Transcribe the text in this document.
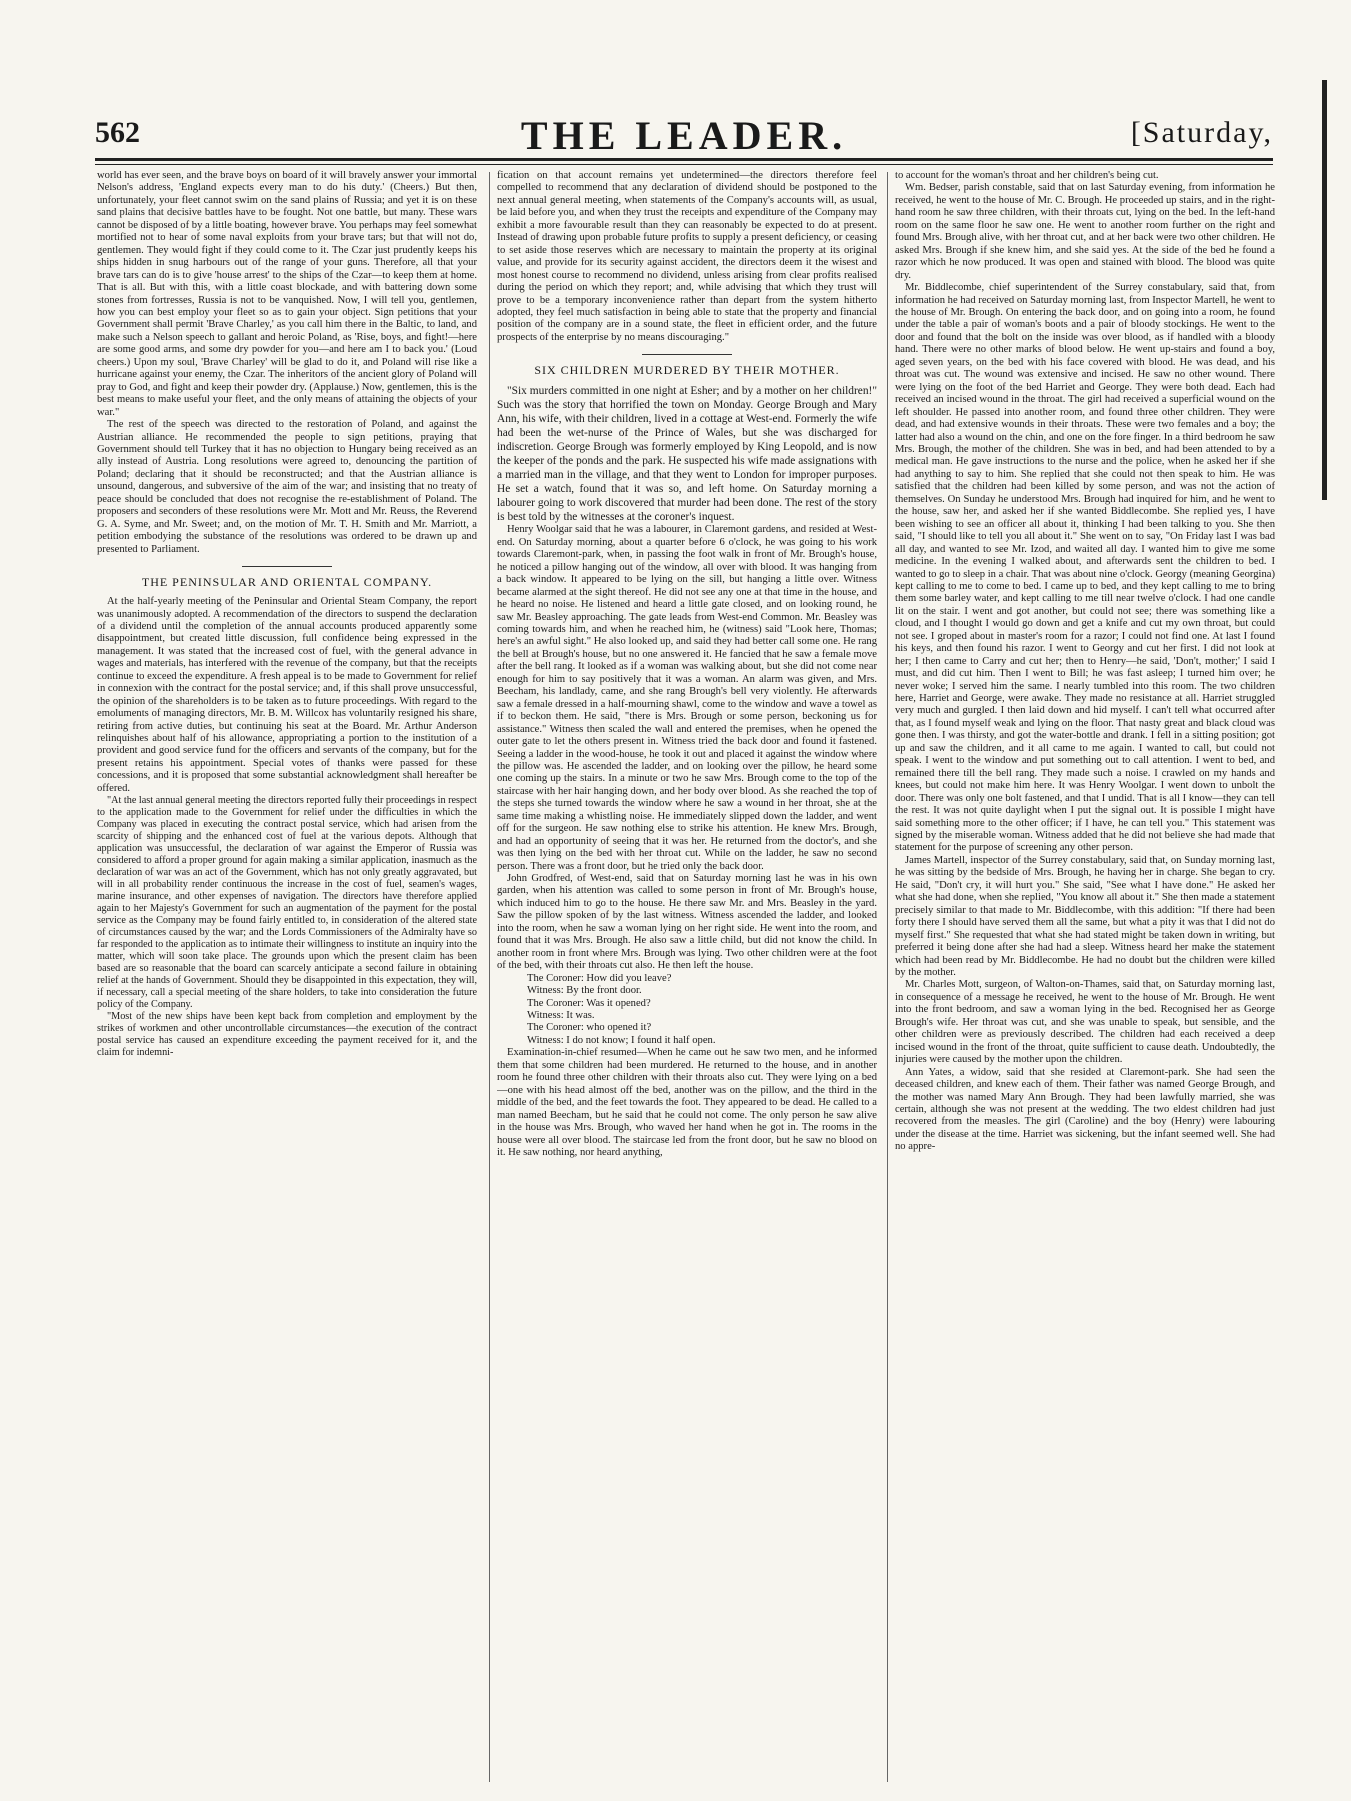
562	THE LEADER.	[Saturday,

world has ever seen, and the brave boys on board of it will bravely answer your immortal Nelson's address, 'England expects every man to do his duty.' (Cheers.) But then, unfortunately, your fleet cannot swim on the sand plains of Russia; and yet it is on these sand plains that decisive battles have to be fought. Not one battle, but many. These wars cannot be disposed of by a little boating, however brave. You perhaps may feel somewhat mortified not to hear of some naval exploits from your brave tars; but that will not do, gentlemen. They would fight if they could come to it. The Czar just prudently keeps his ships hidden in snug harbours out of the range of your guns. Therefore, all that your brave tars can do is to give 'house arrest' to the ships of the Czar—to keep them at home. That is all. But with this, with a little coast blockade, and with battering down some stones from fortresses, Russia is not to be vanquished. Now, I will tell you, gentlemen, how you can best employ your fleet so as to gain your object. Sign petitions that your Government shall permit 'Brave Charley,' as you call him there in the Baltic, to land, and make such a Nelson speech to gallant and heroic Poland, as 'Rise, boys, and fight!—here are some good arms, and some dry powder for you—and here am I to back you.' (Loud cheers.) Upon my soul, 'Brave Charley' will be glad to do it, and Poland will rise like a hurricane against your enemy, the Czar. The inheritors of the ancient glory of Poland will pray to God, and fight and keep their powder dry. (Applause.) Now, gentlemen, this is the best means to make useful your fleet, and the only means of attaining the objects of your war."

The rest of the speech was directed to the restoration of Poland, and against the Austrian alliance. He recommended the people to sign petitions, praying that Government should tell Turkey that it has no objection to Hungary being received as an ally instead of Austria. Long resolutions were agreed to, denouncing the partition of Poland; declaring that it should be reconstructed; and that the Austrian alliance is unsound, dangerous, and subversive of the aim of the war; and insisting that no treaty of peace should be concluded that does not recognise the re-establishment of Poland. The proposers and seconders of these resolutions were Mr. Mott and Mr. Reuss, the Reverend G. A. Syme, and Mr. Sweet; and, on the motion of Mr. T. H. Smith and Mr. Marriott, a petition embodying the substance of the resolutions was ordered to be drawn up and presented to Parliament.

THE PENINSULAR AND ORIENTAL COMPANY.

At the half-yearly meeting of the Peninsular and Oriental Steam Company, the report was unanimously adopted. A recommendation of the directors to suspend the declaration of a dividend until the completion of the annual accounts produced apparently some disappointment, but created little discussion, full confidence being expressed in the management. It was stated that the increased cost of fuel, with the general advance in wages and materials, has interfered with the revenue of the company, but that the receipts continue to exceed the expenditure. A fresh appeal is to be made to Government for relief in connexion with the contract for the postal service; and, if this shall prove unsuccessful, the opinion of the shareholders is to be taken as to future proceedings. With regard to the emoluments of managing directors, Mr. B. M. Willcox has voluntarily resigned his share, retiring from active duties, but continuing his seat at the Board. Mr. Arthur Anderson relinquishes about half of his allowance, appropriating a portion to the institution of a provident and good service fund for the officers and servants of the company, but for the present retains his appointment. Special votes of thanks were passed for these concessions, and it is proposed that some substantial acknowledgment shall hereafter be offered.

"At the last annual general meeting the directors reported fully their proceedings in respect to the application made to the Government for relief under the difficulties in which the Company was placed in executing the contract postal service, which had arisen from the scarcity of shipping and the enhanced cost of fuel at the various depots. Although that application was unsuccessful, the declaration of war against the Emperor of Russia was considered to afford a proper ground for again making a similar application, inasmuch as the declaration of war was an act of the Government, which has not only greatly aggravated, but will in all probability render continuous the increase in the cost of fuel, seamen's wages, marine insurance, and other expenses of navigation. The directors have therefore applied again to her Majesty's Government for such an augmentation of the payment for the postal service as the Company may be found fairly entitled to, in consideration of the altered state of circumstances caused by the war; and the Lords Commissioners of the Admiralty have so far responded to the application as to intimate their willingness to institute an inquiry into the matter, which will soon take place. The grounds upon which the present claim has been based are so reasonable that the board can scarcely anticipate a second failure in obtaining relief at the hands of Government. Should they be disappointed in this expectation, they will, if necessary, call a special meeting of the share holders, to take into consideration the future policy of the Company.

"Most of the new ships have been kept back from completion and employment by the strikes of workmen and other uncontrollable circumstances—the execution of the contract postal service has caused an expenditure exceeding the payment received for it, and the claim for indemni-

fication on that account remains yet undetermined—the directors therefore feel compelled to recommend that any declaration of dividend should be postponed to the next annual general meeting, when statements of the Company's accounts will, as usual, be laid before you, and when they trust the receipts and expenditure of the Company may exhibit a more favourable result than they can reasonably be expected to do at present. Instead of drawing upon probable future profits to supply a present deficiency, or ceasing to set aside those reserves which are necessary to maintain the property at its original value, and provide for its security against accident, the directors deem it the wisest and most honest course to recommend no dividend, unless arising from clear profits realised during the period on which they report; and, while advising that which they trust will prove to be a temporary inconvenience rather than depart from the system hitherto adopted, they feel much satisfaction in being able to state that the property and financial position of the company are in a sound state, the fleet in efficient order, and the future prospects of the enterprise by no means discouraging."

SIX CHILDREN MURDERED BY THEIR MOTHER.

"Six murders committed in one night at Esher; and by a mother on her children!" Such was the story that horrified the town on Monday. George Brough and Mary Ann, his wife, with their children, lived in a cottage at West-end. Formerly the wife had been the wet-nurse of the Prince of Wales, but she was discharged for indiscretion. George Brough was formerly employed by King Leopold, and is now the keeper of the ponds and the park. He suspected his wife made assignations with a married man in the village, and that they went to London for improper purposes. He set a watch, found that it was so, and left home. On Saturday morning a labourer going to work discovered that murder had been done. The rest of the story is best told by the witnesses at the coroner's inquest.

Henry Woolgar said that he was a labourer, in Claremont gardens, and resided at West-end. On Saturday morning, about a quarter before 6 o'clock, he was going to his work towards Claremont-park, when, in passing the foot walk in front of Mr. Brough's house, he noticed a pillow hanging out of the window, all over with blood. It was hanging from a back window. It appeared to be lying on the sill, but hanging a little over. Witness became alarmed at the sight thereof. He did not see any one at that time in the house, and he heard no noise. He listened and heard a little gate closed, and on looking round, he saw Mr. Beasley approaching. The gate leads from West-end Common. Mr. Beasley was coming towards him, and when he reached him, he (witness) said "Look here, Thomas; here's an awful sight." He also looked up, and said they had better call some one. He rang the bell at Brough's house, but no one answered it. He fancied that he saw a female move after the bell rang. It looked as if a woman was walking about, but she did not come near enough for him to say positively that it was a woman. An alarm was given, and Mrs. Beecham, his landlady, came, and she rang Brough's bell very violently. He afterwards saw a female dressed in a half-mourning shawl, come to the window and wave a towel as if to beckon them. He said, "there is Mrs. Brough or some person, beckoning us for assistance." Witness then scaled the wall and entered the premises, when he opened the outer gate to let the others present in. Witness tried the back door and found it fastened. Seeing a ladder in the wood-house, he took it out and placed it against the window where the pillow was. He ascended the ladder, and on looking over the pillow, he heard some one coming up the stairs. In a minute or two he saw Mrs. Brough come to the top of the staircase with her hair hanging down, and her body over blood. As she reached the top of the steps she turned towards the window where he saw a wound in her throat, she at the same time making a whistling noise. He immediately slipped down the ladder, and went off for the surgeon. He saw nothing else to strike his attention. He knew Mrs. Brough, and had an opportunity of seeing that it was her. He returned from the doctor's, and she was then lying on the bed with her throat cut. While on the ladder, he saw no second person. There was a front door, but he tried only the back door.

John Grodfred, of West-end, said that on Saturday morning last he was in his own garden, when his attention was called to some person in front of Mr. Brough's house, which induced him to go to the house. He there saw Mr. and Mrs. Beasley in the yard. Saw the pillow spoken of by the last witness. Witness ascended the ladder, and looked into the room, when he saw a woman lying on her right side. He went into the room, and found that it was Mrs. Brough. He also saw a little child, but did not know the child. In another room in front where Mrs. Brough was lying. Two other children were at the foot of the bed, with their throats cut also. He then left the house.

The Coroner: How did you leave?

Witness: By the front door.

The Coroner: Was it opened?

Witness: It was.

The Coroner: who opened it?

Witness: I do not know; I found it half open.

Examination-in-chief resumed—When he came out he saw two men, and he informed them that some children had been murdered. He returned to the house, and in another room he found three other children with their throats also cut. They were lying on a bed—one with his head almost off the bed, another was on the pillow, and the third in the middle of the bed, and the feet towards the foot. They appeared to be dead. He called to a man named Beecham, but he said that he could not come. The only person he saw alive in the house was Mrs. Brough, who waved her hand when he got in. The rooms in the house were all over blood. The staircase led from the front door, but he saw no blood on it. He saw nothing, nor heard anything,

to account for the woman's throat and her children's being cut.

Wm. Bedser, parish constable, said that on last Saturday evening, from information he received, he went to the house of Mr. C. Brough. He proceeded up stairs, and in the right-hand room he saw three children, with their throats cut, lying on the bed. In the left-hand room on the same floor he saw one. He went to another room further on the right and found Mrs. Brough alive, with her throat cut, and at her back were two other children. He asked Mrs. Brough if she knew him, and she said yes. At the side of the bed he found a razor which he now produced. It was open and stained with blood. The blood was quite dry.

Mr. Biddlecombe, chief superintendent of the Surrey constabulary, said that, from information he had received on Saturday morning last, from Inspector Martell, he went to the house of Mr. Brough. On entering the back door, and on going into a room, he found under the table a pair of woman's boots and a pair of bloody stockings. He went to the door and found that the bolt on the inside was over blood, as if handled with a bloody hand. There were no other marks of blood below. He went up-stairs and found a boy, aged seven years, on the bed with his face covered with blood. He was dead, and his throat was cut. The wound was extensive and incised. He saw no other wound. There were lying on the foot of the bed Harriet and George. They were both dead. Each had received an incised wound in the throat. The girl had received a superficial wound on the left shoulder. He passed into another room, and found three other children. They were dead, and had extensive wounds in their throats. These were two females and a boy; the latter had also a wound on the chin, and one on the fore finger. In a third bedroom he saw Mrs. Brough, the mother of the children. She was in bed, and had been attended to by a medical man. He gave instructions to the nurse and the police, when he asked her if she had anything to say to him. She replied that she could not then speak to him. He was satisfied that the children had been killed by some person, and was not the action of themselves. On Sunday he understood Mrs. Brough had inquired for him, and he went to the house, saw her, and asked her if she wanted Biddlecombe. She replied yes, I have been wishing to see an officer all about it, thinking I had been talking to you. She then said, "I should like to tell you all about it." She went on to say, "On Friday last I was bad all day, and wanted to see Mr. Izod, and waited all day. I wanted him to give me some medicine. In the evening I walked about, and afterwards sent the children to bed. I wanted to go to sleep in a chair. That was about nine o'clock. Georgy (meaning Georgina) kept calling to me to come to bed. I came up to bed, and they kept calling to me to bring them some barley water, and kept calling to me till near twelve o'clock. I had one candle lit on the stair. I went and got another, but could not see; there was something like a cloud, and I thought I would go down and get a knife and cut my own throat, but could not see. I groped about in master's room for a razor; I could not find one. At last I found his keys, and then found his razor. I went to Georgy and cut her first. I did not look at her; I then came to Carry and cut her; then to Henry—he said, 'Don't, mother;' I said I must, and did cut him. Then I went to Bill; he was fast asleep; I turned him over; he never woke; I served him the same. I nearly tumbled into this room. The two children here, Harriet and George, were awake. They made no resistance at all. Harriet struggled very much and gurgled. I then laid down and hid myself. I can't tell what occurred after that, as I found myself weak and lying on the floor. That nasty great and black cloud was gone then. I was thirsty, and got the water-bottle and drank. I fell in a sitting position; got up and saw the children, and it all came to me again. I wanted to call, but could not speak. I went to the window and put something out to call attention. I went to bed, and remained there till the bell rang. They made such a noise. I crawled on my hands and knees, but could not make him here. It was Henry Woolgar. I went down to unbolt the door. There was only one bolt fastened, and that I undid. That is all I know—they can tell the rest. It was not quite daylight when I put the signal out. It is possible I might have said something more to the other officer; if I have, he can tell you." This statement was signed by the miserable woman. Witness added that he did not believe she had made that statement for the purpose of screening any other person.

James Martell, inspector of the Surrey constabulary, said that, on Sunday morning last, he was sitting by the bedside of Mrs. Brough, he having her in charge. She began to cry. He said, "Don't cry, it will hurt you." She said, "See what I have done." He asked her what she had done, when she replied, "You know all about it." She then made a statement precisely similar to that made to Mr. Biddlecombe, with this addition: "If there had been forty there I should have served them all the same, but what a pity it was that I did not do myself first." She requested that what she had stated might be taken down in writing, but preferred it being done after she had had a sleep. Witness heard her make the statement which had been read by Mr. Biddlecombe. He had no doubt but the children were killed by the mother.

Mr. Charles Mott, surgeon, of Walton-on-Thames, said that, on Saturday morning last, in consequence of a message he received, he went to the house of Mr. Brough. He went into the front bedroom, and saw a woman lying in the bed. Recognised her as George Brough's wife. Her throat was cut, and she was unable to speak, but sensible, and the other children were as previously described. The children had each received a deep incised wound in the front of the throat, quite sufficient to cause death. Undoubtedly, the injuries were caused by the mother upon the children.

Ann Yates, a widow, said that she resided at Claremont-park. She had seen the deceased children, and knew each of them. Their father was named George Brough, and the mother was named Mary Ann Brough. They had been lawfully married, she was certain, although she was not present at the wedding. The two eldest children had just recovered from the measles. The girl (Caroline) and the boy (Henry) were labouring under the disease at the time. Harriet was sickening, but the infant seemed well. She had no appre-
